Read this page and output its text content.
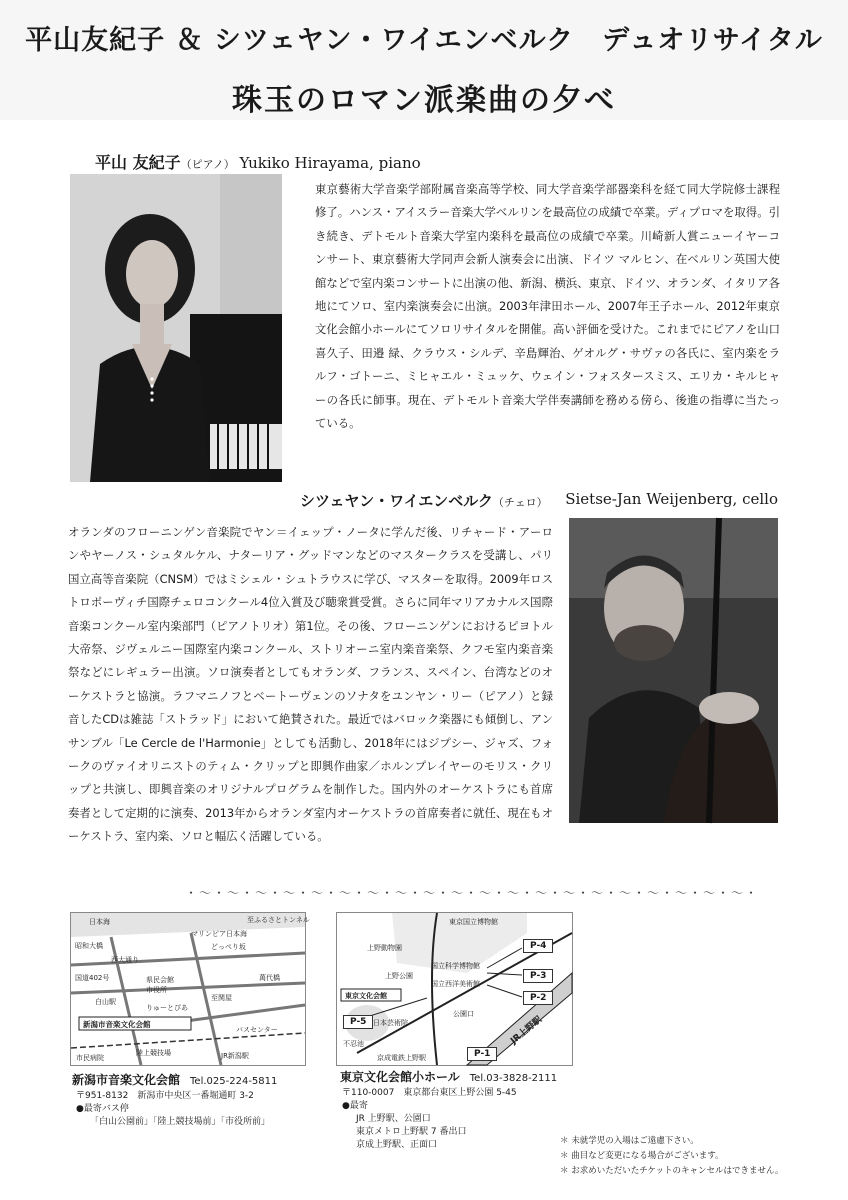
平山友紀子 ＆ シツェヤン・ワイエンベルク　デュオリサイタル
珠玉のロマン派楽曲の夕べ
平山 友紀子（ピアノ） Yukiko Hirayama, piano
東京藝術大学音楽学部附属音楽高等学校、同大学音楽学部器楽科を経て同大学院修士課程修了。ハンス・アイスラー音楽大学ベルリンを最高位の成績で卒業。ディプロマを取得。引き続き、デトモルト音楽大学室内楽科を最高位の成績で卒業。川崎新人賞ニューイヤーコンサート、東京藝術大学同声会新人演奏会に出演、ドイツ マルヒン、在ベルリン英国大使館などで室内楽コンサートに出演の他、新潟、横浜、東京、ドイツ、オランダ、イタリア各地にてソロ、室内楽演奏会に出演。2003年津田ホール、2007年王子ホール、2012年東京文化会館小ホールにてソロリサイタルを開催。高い評価を受けた。これまでにピアノを山口喜久子、田邉 緑、クラウス・シルデ、辛島輝治、ゲオルグ・サヴァの各氏に、室内楽をラルフ・ゴトーニ、ミヒャエル・ミュッケ、ウェイン・フォスタースミス、エリカ・キルヒャーの各氏に師事。現在、デトモルト音楽大学伴奏講師を務める傍ら、後進の指導に当たっている。
シツェヤン・ワイエンベルク（チェロ） Sietse-Jan Weijenberg, cello
オランダのフローニンゲン音楽院でヤン＝イェップ・ノータに学んだ後、リチャード・アーロンやヤーノス・シュタルケル、ナターリア・グッドマンなどのマスタークラスを受講し、パリ国立高等音楽院（CNSM）ではミシェル・シュトラウスに学び、マスターを取得。2009年ロストロポーヴィチ国際チェロコンクール4位入賞及び聴衆賞受賞。さらに同年マリアカナルス国際音楽コンクール室内楽部門（ピアノトリオ）第1位。その後、フローニンゲンにおけるピヨトル大帝祭、ジヴェルニー国際室内楽コンクール、ストリオーニ室内楽音楽祭、クフモ室内楽音楽祭などにレギュラー出演。ソロ演奏者としてもオランダ、フランス、スペイン、台湾などのオーケストラと協演。ラフマニノフとベートーヴェンのソナタをユンヤン・リー（ピアノ）と録音したCDは雑誌「ストラッド」において絶賛された。最近ではバロック楽器にも傾倒し、アンサンブル「Le Cercle de l'Harmonie」としても活動し、2018年にはジプシー、ジャズ、フォークのヴァイオリニストのティム・クリップと即興作曲家／ホルンプレイヤーのモリス・クリップと共演し、即興音楽のオリジナルプログラムを制作した。国内外のオーケストラにも首席奏者として定期的に演奏、2013年からオランダ室内オーケストラの首席奏者に就任、現在もオーケストラ、室内楽、ソロと幅広く活躍している。
・～・～・～・～・～・～・～・～・～・～・～・～・～・～・～・～・～・～・～・～・
日本海	至ふるさとトンネル
マリンピア日本海
どっぺり坂
西大通り
昭和大橋
白山駅
市役所
新潟市音楽文化会館
県民会館
りゅーとぴあ
JR新潟駅
陸上競技場
市民病院
バスセンター
国道402号
至関屋
萬代橋
東京国立博物館
上野動物園
上野公園
国立科学博物館
国立西洋美術館
東京文化会館
公園口
日本芸術院
不忍池
京成電鉄上野駅
JR上野駅
P-4
P-3
P-2
P-5
P-1
新潟市音楽文化会館 Tel.025-224-5811
〒951-8132　新潟市中央区一番堀通町 3-2
●最寄バス停
「白山公園前」「陸上競技場前」「市役所前」
東京文化会館小ホール Tel.03-3828-2111
〒110-0007　東京都台東区上野公園 5-45
●最寄
JR 上野駅、公園口
東京メトロ上野駅 7 番出口
京成上野駅、正面口	＊ 未就学児の入場はご遠慮下さい。
＊ 曲目など変更になる場合がございます。
＊ お求めいただいたチケットのキャンセルはできません。
